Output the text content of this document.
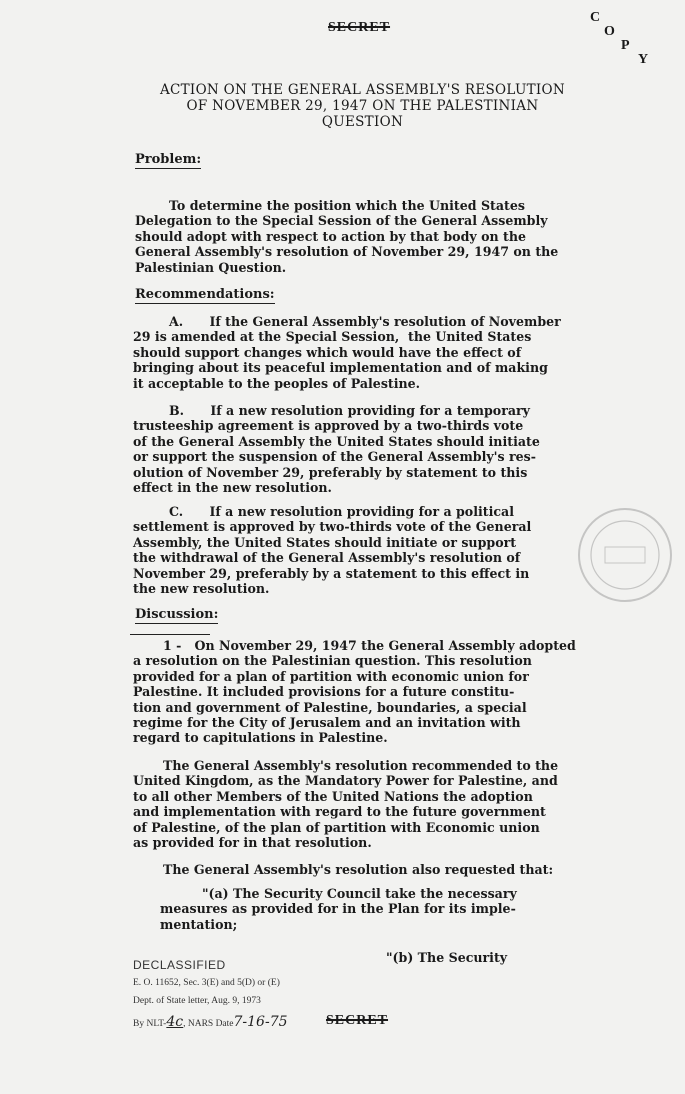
SECRET
C
O
P
Y
ACTION ON THE GENERAL ASSEMBLY'S RESOLUTION
OF NOVEMBER 29, 1947 ON THE PALESTINIAN
QUESTION
Problem:
To determine the position which the United States
Delegation to the Special Session of the General Assembly
should adopt with respect to action by that body on the
General Assembly's resolution of November 29, 1947 on the
Palestinian Question.
Recommendations:
A.      If the General Assembly's resolution of November
29 is amended at the Special Session,  the United States
should support changes which would have the effect of
bringing about its peaceful implementation and of making
it acceptable to the peoples of Palestine.
B.      If a new resolution providing for a temporary
trusteeship agreement is approved by a two-thirds vote
of the General Assembly the United States should initiate
or support the suspension of the General Assembly's res-
olution of November 29, preferably by statement to this
effect in the new resolution.
C.      If a new resolution providing for a political
settlement is approved by two-thirds vote of the General
Assembly, the United States should initiate or support
the withdrawal of the General Assembly's resolution of
November 29, preferably by a statement to this effect in
the new resolution.
Discussion:
1 -   On November 29, 1947 the General Assembly adopted
a resolution on the Palestinian question. This resolution
provided for a plan of partition with economic union for
Palestine. It included provisions for a future constitu-
tion and government of Palestine, boundaries, a special
regime for the City of Jerusalem and an invitation with
regard to capitulations in Palestine.
The General Assembly's resolution recommended to the
United Kingdom, as the Mandatory Power for Palestine, and
to all other Members of the United Nations the adoption
and implementation with regard to the future government
of Palestine, of the plan of partition with Economic union
as provided for in that resolution.
The General Assembly's resolution also requested that:
"(a) The Security Council take the necessary
measures as provided for in the Plan for its imple-
mentation;
"(b) The Security
DECLASSIFIED
E. O. 11652, Sec. 3(E) and 5(D) or (E)
Dept. of State letter, Aug. 9, 1973
By NLT-4c, NARS Date7-16-75	SECRET
